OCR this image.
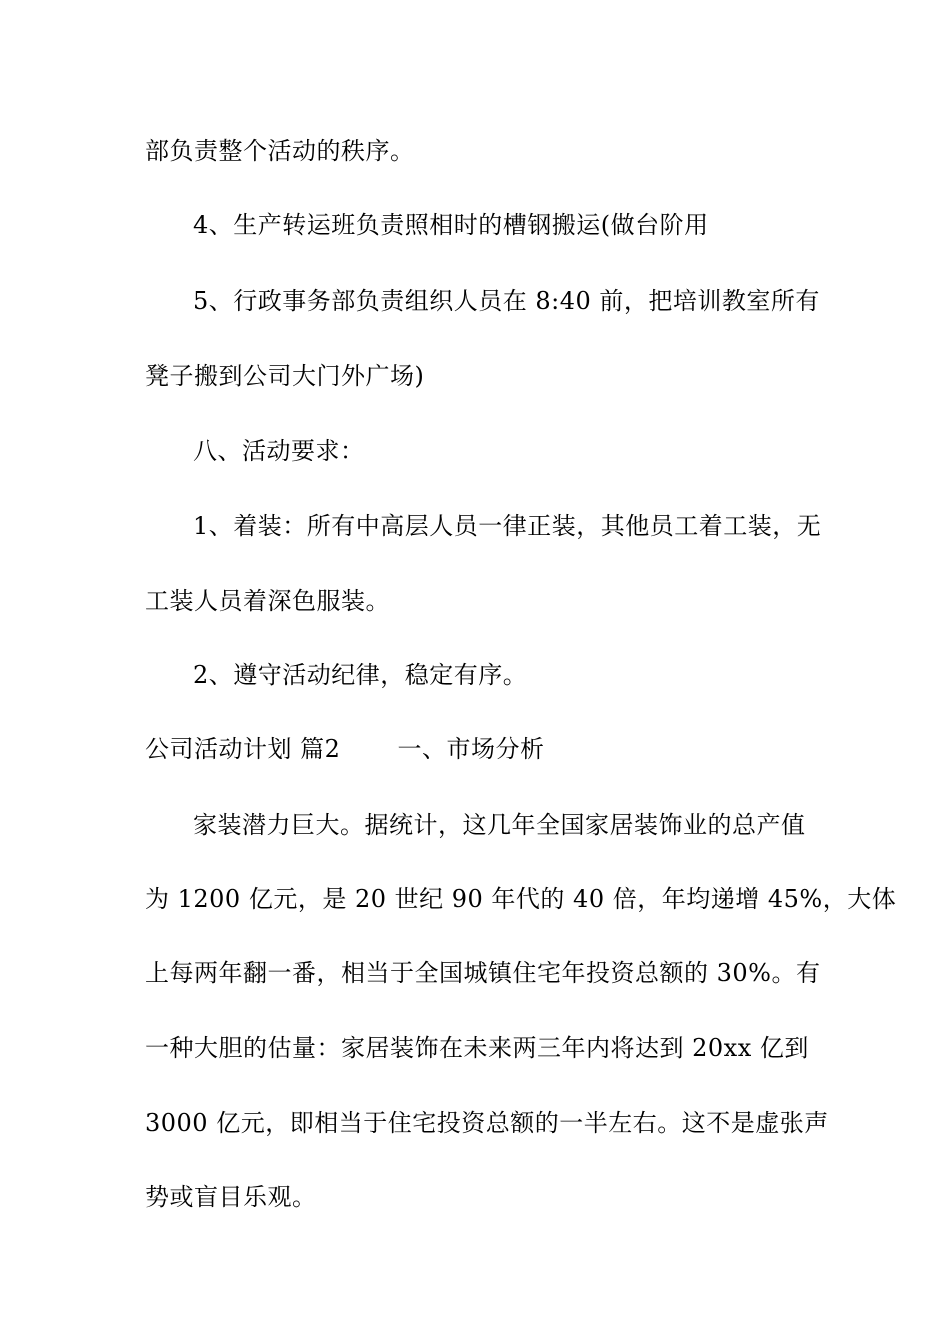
部负责整个活动的秩序。
4、生产转运班负责照相时的槽钢搬运(做台阶用
5、行政事务部负责组织人员在 8:40 前，把培训教室所有
凳子搬到公司大门外广场)
八、活动要求：
1、着装：所有中高层人员一律正装，其他员工着工装，无
工装人员着深色服装。
2、遵守活动纪律，稳定有序。
公司活动计划 篇2　　 一、市场分析
家装潜力巨大。据统计，这几年全国家居装饰业的总产值
为 1200 亿元，是 20 世纪 90 年代的 40 倍，年均递增 45%，大体
上每两年翻一番，相当于全国城镇住宅年投资总额的 30%。有
一种大胆的估量：家居装饰在未来两三年内将达到 20xx 亿到
3000 亿元，即相当于住宅投资总额的一半左右。这不是虚张声
势或盲目乐观。
